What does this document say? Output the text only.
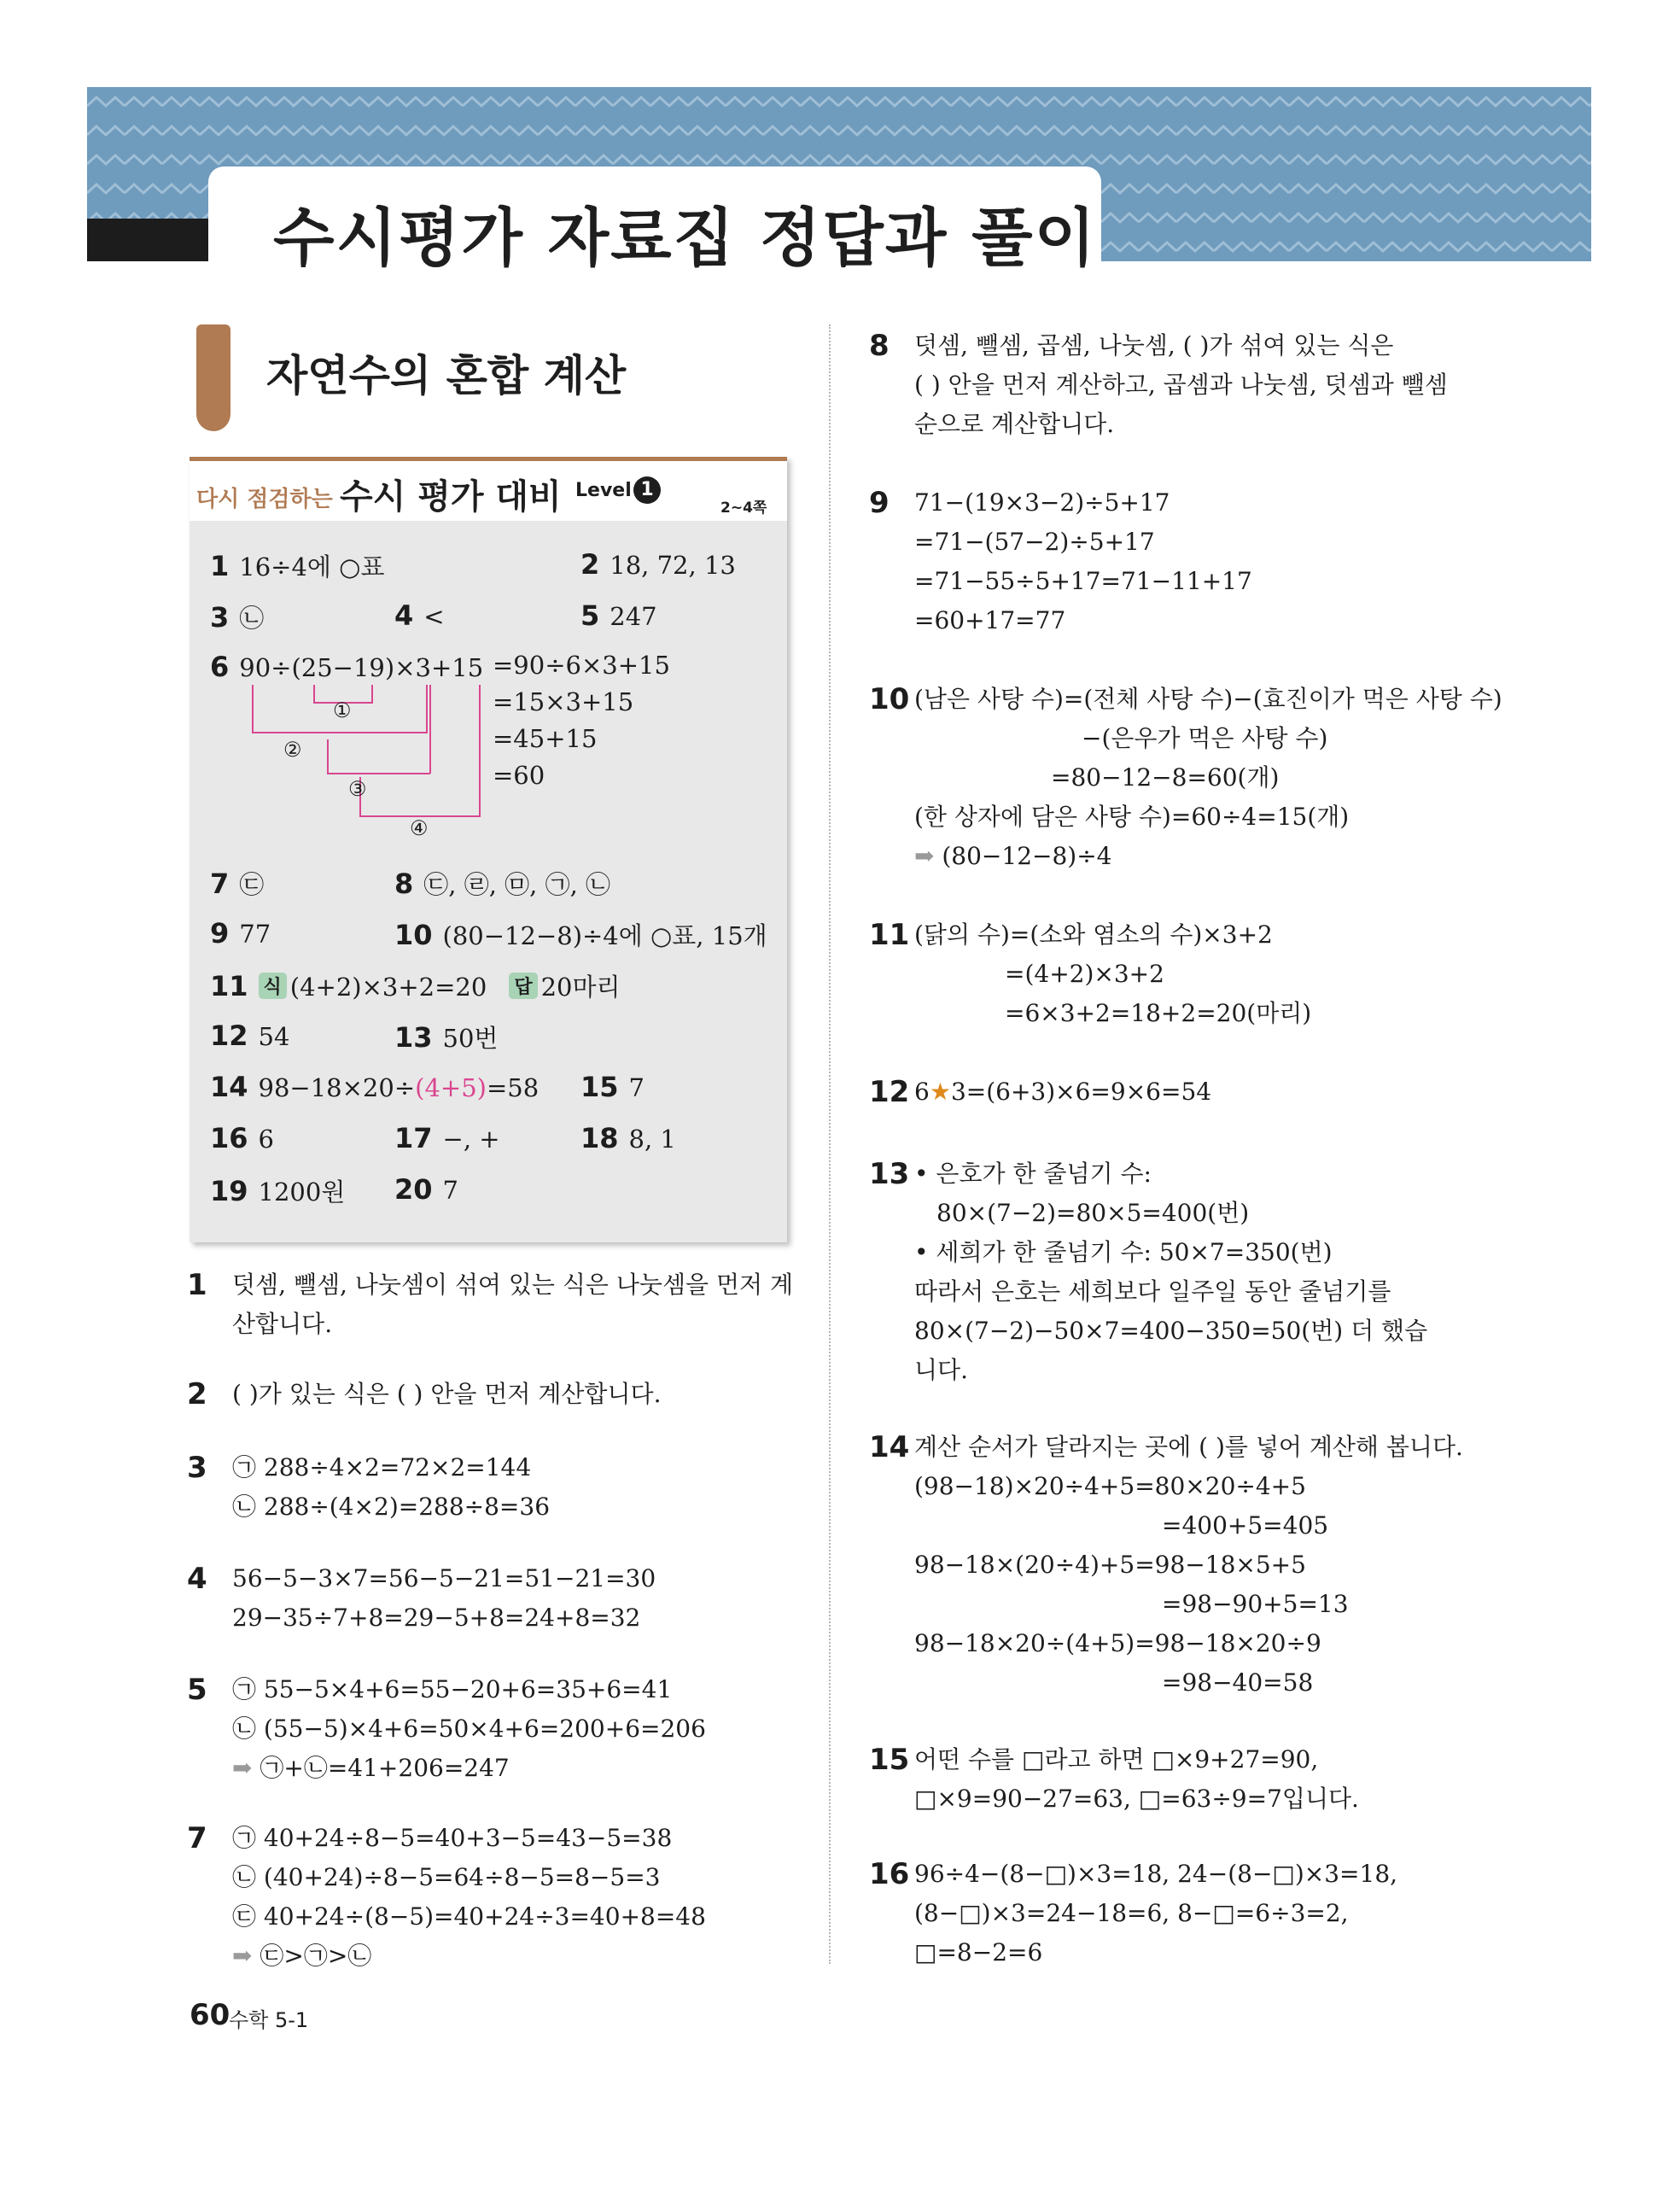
수시평가 자료집 정답과 풀이
자연수의 혼합 계산
다시 점검하는 수시 평가 대비 Level 1
2~4쪽
1 16÷4에 ○표	2 18, 72, 13
3 ㉡	4 <	5 247
6 90÷(25−19)×3+15 =90÷6×3+15
=15×3+15
=45+15
=60
①
②
③
④
7 ㉢	8 ㉢, ㉣, ㉤, ㉠, ㉡
9 77	10 (80−12−8)÷4에 ○표, 15개
11 식 (4+2)×3+2=20 답 20마리
12 54	13 50번
14 98−18×20÷(4+5)=58 15 7
16 6	17 −, +	18 8, 1
19 1200원 20 7
1 덧셈, 뺄셈, 나눗셈이 섞여 있는 식은 나눗셈을 먼저 계
산합니다.
2 ( )가 있는 식은 ( ) 안을 먼저 계산합니다.
3 ㉠ 288÷4×2=72×2=144
㉡ 288÷(4×2)=288÷8=36
4 56−5−3×7=56−5−21=51−21=30
29−35÷7+8=29−5+8=24+8=32
5 ㉠ 55−5×4+6=55−20+6=35+6=41
㉡ (55−5)×4+6=50×4+6=200+6=206
➡ ㉠+㉡=41+206=247
7 ㉠ 40+24÷8−5=40+3−5=43−5=38
㉡ (40+24)÷8−5=64÷8−5=8−5=3
㉢ 40+24÷(8−5)=40+24÷3=40+8=48
➡ ㉢>㉠>㉡
8 덧셈, 뺄셈, 곱셈, 나눗셈, ( )가 섞여 있는 식은
( ) 안을 먼저 계산하고, 곱셈과 나눗셈, 덧셈과 뺄셈
순으로 계산합니다.
9 71−(19×3−2)÷5+17
=71−(57−2)÷5+17
=71−55÷5+17=71−11+17
=60+17=77
10 (남은 사탕 수)=(전체 사탕 수)−(효진이가 먹은 사탕 수)
−(은우가 먹은 사탕 수)
=80−12−8=60(개)
(한 상자에 담은 사탕 수)=60÷4=15(개)
➡ (80−12−8)÷4
11 (닭의 수)=(소와 염소의 수)×3+2
=(4+2)×3+2
=6×3+2=18+2=20(마리)
12 6★3=(6+3)×6=9×6=54
13 • 은호가 한 줄넘기 수:
80×(7−2)=80×5=400(번)
• 세희가 한 줄넘기 수: 50×7=350(번)
따라서 은호는 세희보다 일주일 동안 줄넘기를
80×(7−2)−50×7=400−350=50(번) 더 했습
니다.
14 계산 순서가 달라지는 곳에 ( )를 넣어 계산해 봅니다.
(98−18)×20÷4+5=80×20÷4+5
=400+5=405
98−18×(20÷4)+5=98−18×5+5
=98−90+5=13
98−18×20÷(4+5)=98−18×20÷9
=98−40=58
15 어떤 수를 □라고 하면 □×9+27=90,
□×9=90−27=63, □=63÷9=7입니다.
16 96÷4−(8−□)×3=18, 24−(8−□)×3=18,
(8−□)×3=24−18=6, 8−□=6÷3=2,
□=8−2=6
60
수학 5-1
